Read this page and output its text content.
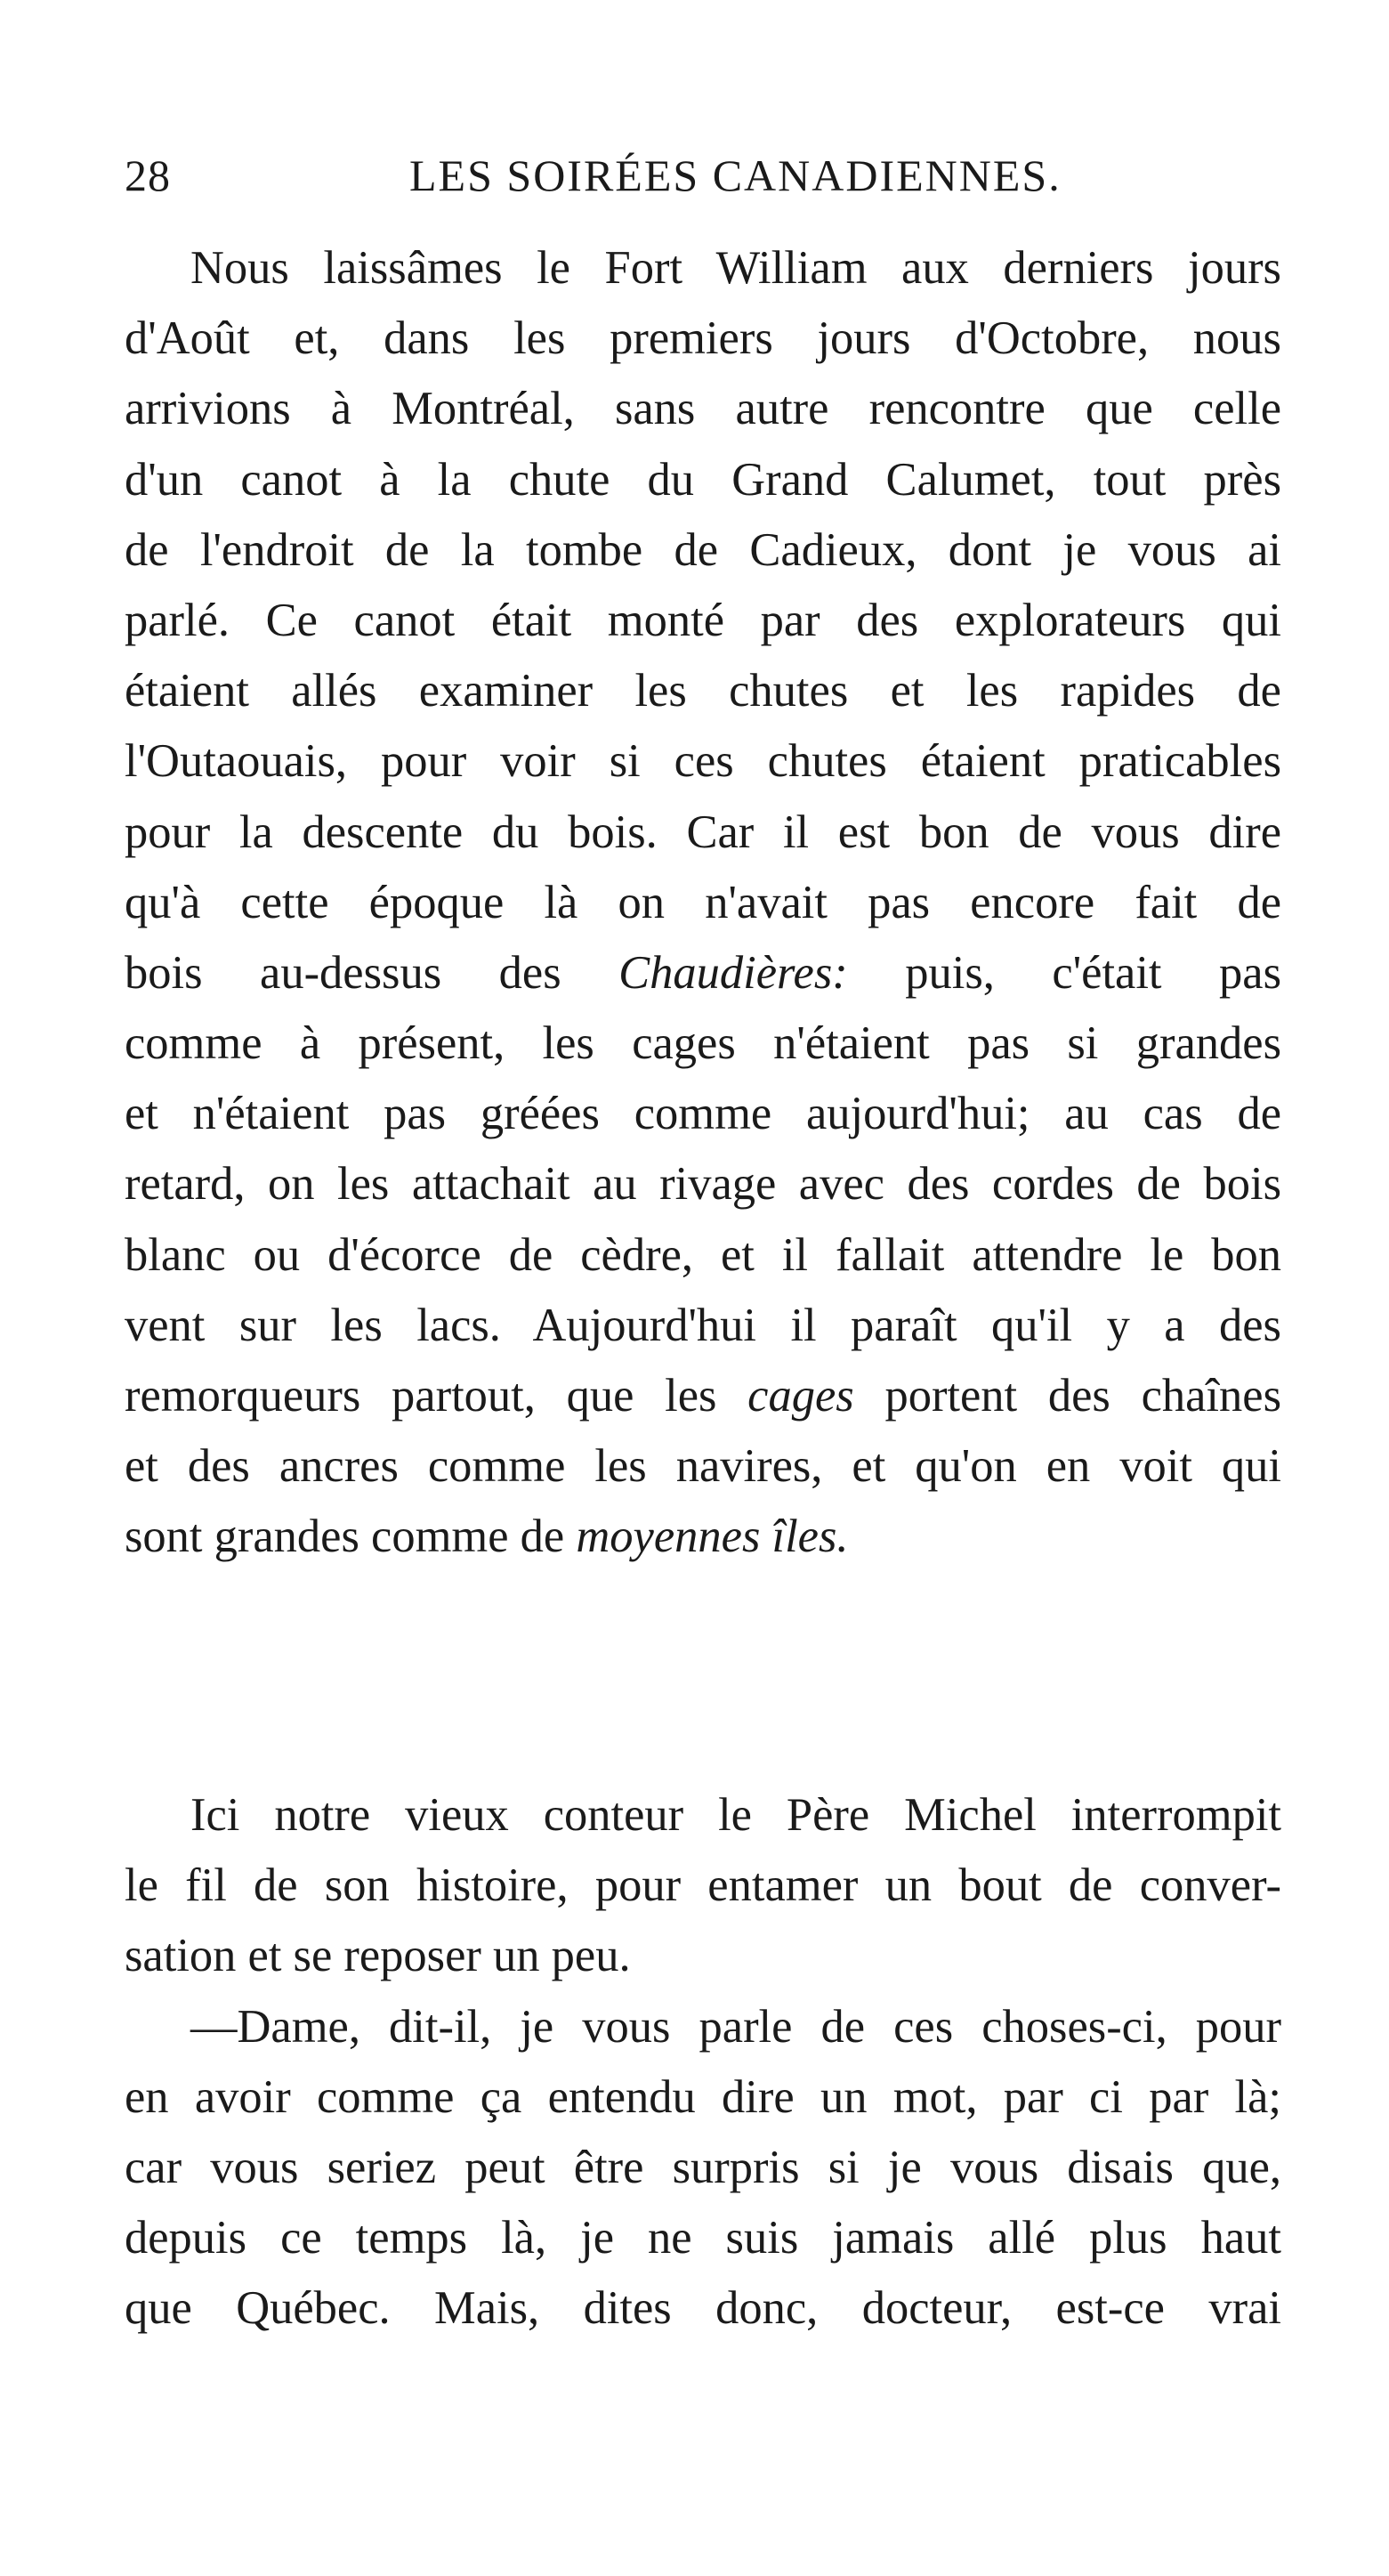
28	LES SOIRÉES CANADIENNES.
Nous laissâmes le Fort William aux derniers jours
d'Août et, dans les premiers jours d'Octobre, nous
arrivions à Montréal, sans autre rencontre que celle
d'un canot à la chute du Grand Calumet, tout près
de l'endroit de la tombe de Cadieux, dont je vous ai
parlé. Ce canot était monté par des explorateurs qui
étaient allés examiner les chutes et les rapides de
l'Outaouais, pour voir si ces chutes étaient praticables
pour la descente du bois. Car il est bon de vous dire
qu'à cette époque là on n'avait pas encore fait de
bois au-dessus des Chaudières: puis, c'était pas
comme à présent, les cages n'étaient pas si grandes
et n'étaient pas gréées comme aujourd'hui; au cas de
retard, on les attachait au rivage avec des cordes de bois
blanc ou d'écorce de cèdre, et il fallait attendre le bon
vent sur les lacs. Aujourd'hui il paraît qu'il y a des
remorqueurs partout, que les cages portent des chaînes
et des ancres comme les navires, et qu'on en voit qui
sont grandes comme de moyennes îles.
Ici notre vieux conteur le Père Michel interrompit
le fil de son histoire, pour entamer un bout de conver-
sation et se reposer un peu.
—Dame, dit-il, je vous parle de ces choses-ci, pour
en avoir comme ça entendu dire un mot, par ci par là;
car vous seriez peut être surpris si je vous disais que,
depuis ce temps là, je ne suis jamais allé plus haut
que Québec. Mais, dites donc, docteur, est-ce vrai
